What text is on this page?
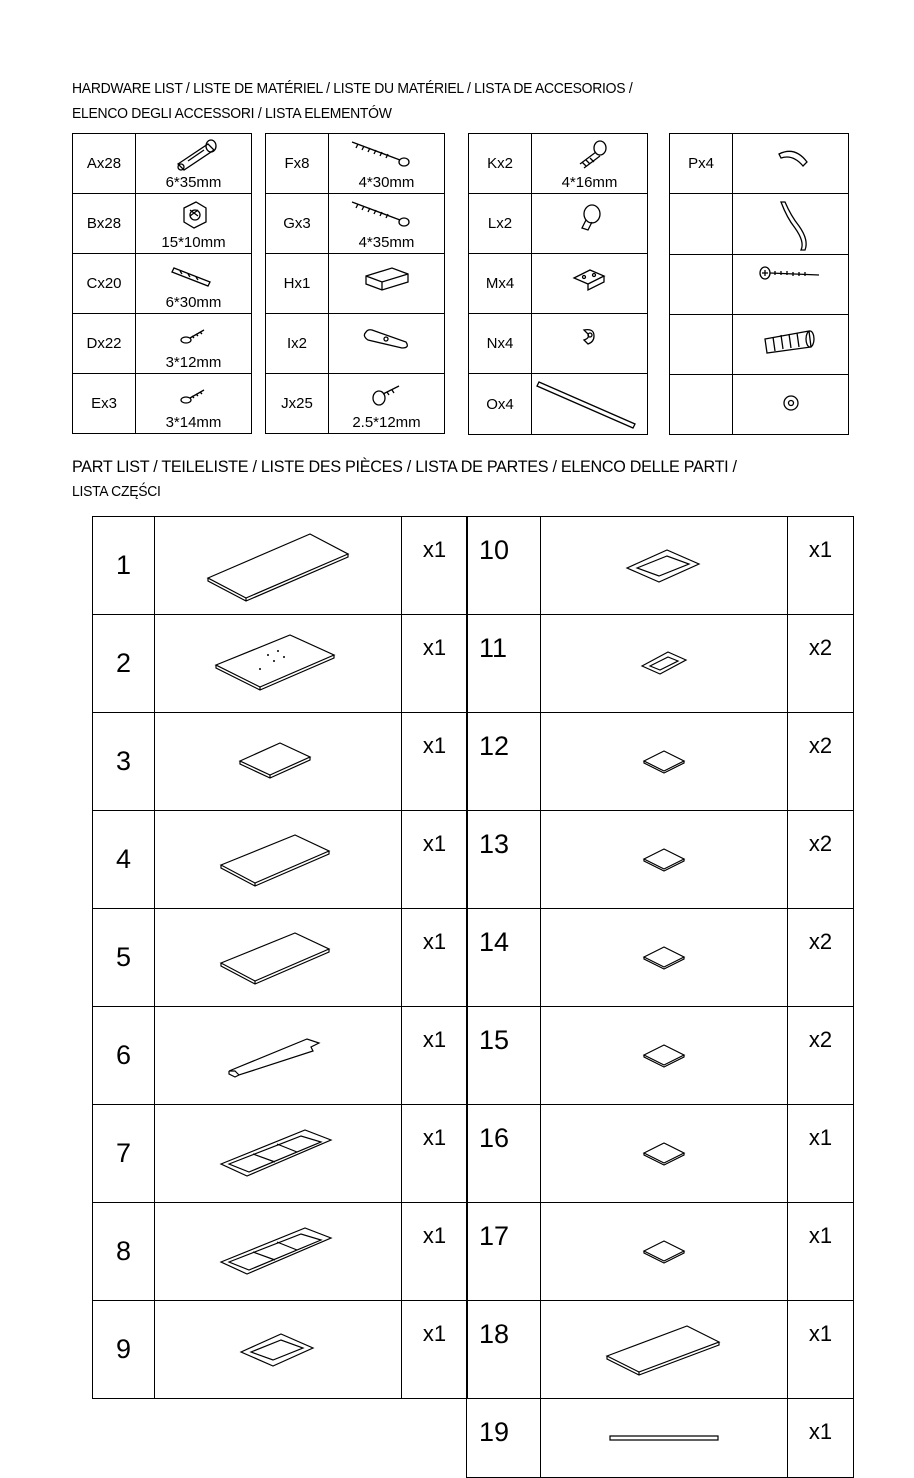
HARDWARE LIST / LISTE DE MATÉRIEL / LISTE DU MATÉRIEL / LISTA DE ACCESORIOS /
ELENCO DEGLI ACCESSORI / LISTA ELEMENTÓW
Ax28	6*35mm

Bx28	15*10mm

Cx20	6*30mm

Dx22	3*12mm

Ex3	3*14mm
Fx8	4*30mm

Gx3	4*35mm

Hx1	

Ix2	

Jx25	2.5*12mm
Kx2	4*16mm

Lx2	

Mx4	

Nx4	

Ox4	
Px4	

PART LIST / TEILELISTE / LISTE DES PIÈCES / LISTA DE PARTES / ELENCO DELLE PARTI /
LISTA CZĘŚCI
1		x1
2		x1
3		x1
4		x1
5		x1
6		x1
7		x1
8		x1
9		x1
10		x1
11		x2
12		x2
13		x2
14		x2
15		x2
16		x1
17		x1
18		x1
19		x1
